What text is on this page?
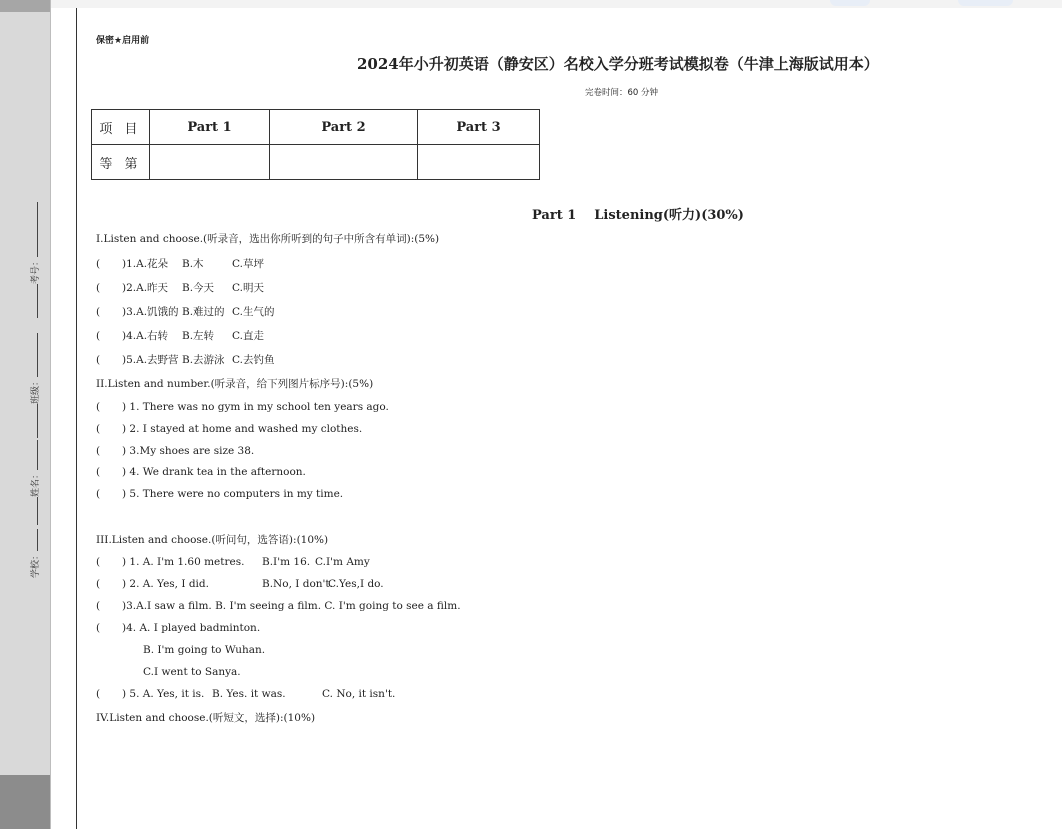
考号：
班级：
姓名：
学校：
保密★启用前
2024年小升初英语（静安区）名校入学分班考试模拟卷（牛津上海版试用本）
完卷时间：60 分钟
项 目	Part 1	Part 2	Part 3
等 第			
Part 1 Listening(听力)(30%)
I.Listen and choose.(听录音，选出你所听到的句子中所含有单词):(5%)
( )1.A.花朵 B.木	C.草坪
( )2.A.昨天 B.今天 C.明天
( )3.A.饥饿的 B.难过的 C.生气的
( )4.A.右转 B.左转 C.直走
( )5.A.去野营 B.去游泳 C.去钓鱼
II.Listen and number.(听录音，给下列图片标序号):(5%)
( ) 1. There was no gym in my school ten years ago.
( ) 2. I stayed at home and washed my clothes.
( ) 3.My shoes are size 38.
( ) 4. We drank tea in the afternoon.
( ) 5. There were no computers in my time.
III.Listen and choose.(听问句，选答语):(10%)
( ) 1. A. I'm 1.60 metres. B.I'm 16. C.I'm Amy
( ) 2. A. Yes, I did.	B.No, I don't.C.Yes,I do.
( )3.A.I saw a film. B. I'm seeing a film. C. I'm going to see a film.
( )4. A. I played badminton.
B. I'm going to Wuhan.
C.I went to Sanya.
( ) 5. A. Yes, it is. B. Yes. it was.	C. No, it isn't.
IV.Listen and choose.(听短文，选择):(10%)
